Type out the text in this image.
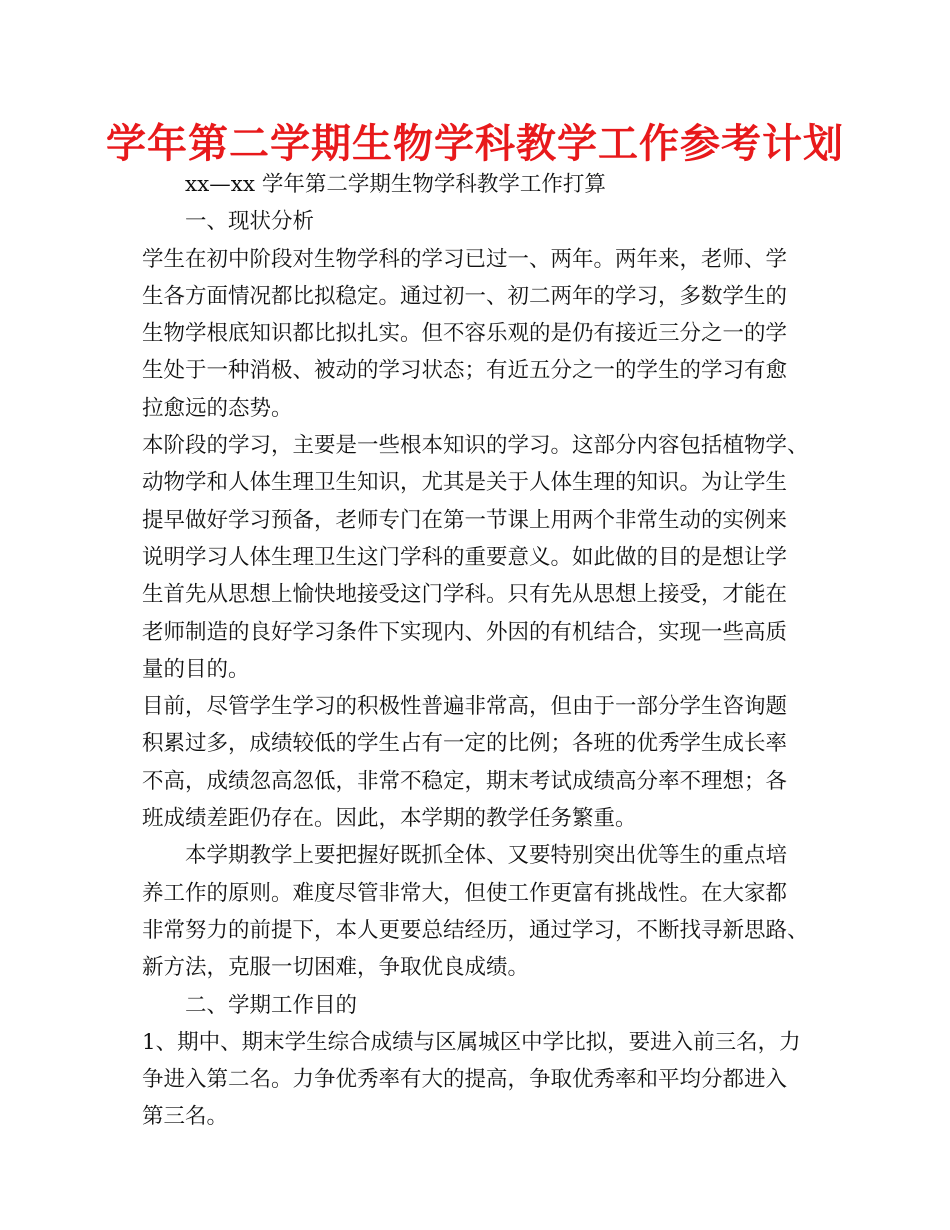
学年第二学期生物学科教学工作参考计划

xx—xx 学年第二学期生物学科教学工作打算

一、现状分析

学生在初中阶段对生物学科的学习已过一、两年。两年来，老师、学

生各方面情况都比拟稳定。通过初一、初二两年的学习，多数学生的

生物学根底知识都比拟扎实。但不容乐观的是仍有接近三分之一的学

生处于一种消极、被动的学习状态；有近五分之一的学生的学习有愈

拉愈远的态势。

本阶段的学习，主要是一些根本知识的学习。这部分内容包括植物学、

动物学和人体生理卫生知识，尤其是关于人体生理的知识。为让学生

提早做好学习预备，老师专门在第一节课上用两个非常生动的实例来

说明学习人体生理卫生这门学科的重要意义。如此做的目的是想让学

生首先从思想上愉快地接受这门学科。只有先从思想上接受，才能在

老师制造的良好学习条件下实现内、外因的有机结合，实现一些高质

量的目的。

目前，尽管学生学习的积极性普遍非常高，但由于一部分学生咨询题

积累过多，成绩较低的学生占有一定的比例；各班的优秀学生成长率

不高，成绩忽高忽低，非常不稳定，期末考试成绩高分率不理想；各

班成绩差距仍存在。因此，本学期的教学任务繁重。

本学期教学上要把握好既抓全体、又要特别突出优等生的重点培

养工作的原则。难度尽管非常大，但使工作更富有挑战性。在大家都

非常努力的前提下，本人更要总结经历，通过学习，不断找寻新思路、

新方法，克服一切困难，争取优良成绩。

二、学期工作目的

1、期中、期末学生综合成绩与区属城区中学比拟，要进入前三名，力

争进入第二名。力争优秀率有大的提高，争取优秀率和平均分都进入

第三名。
